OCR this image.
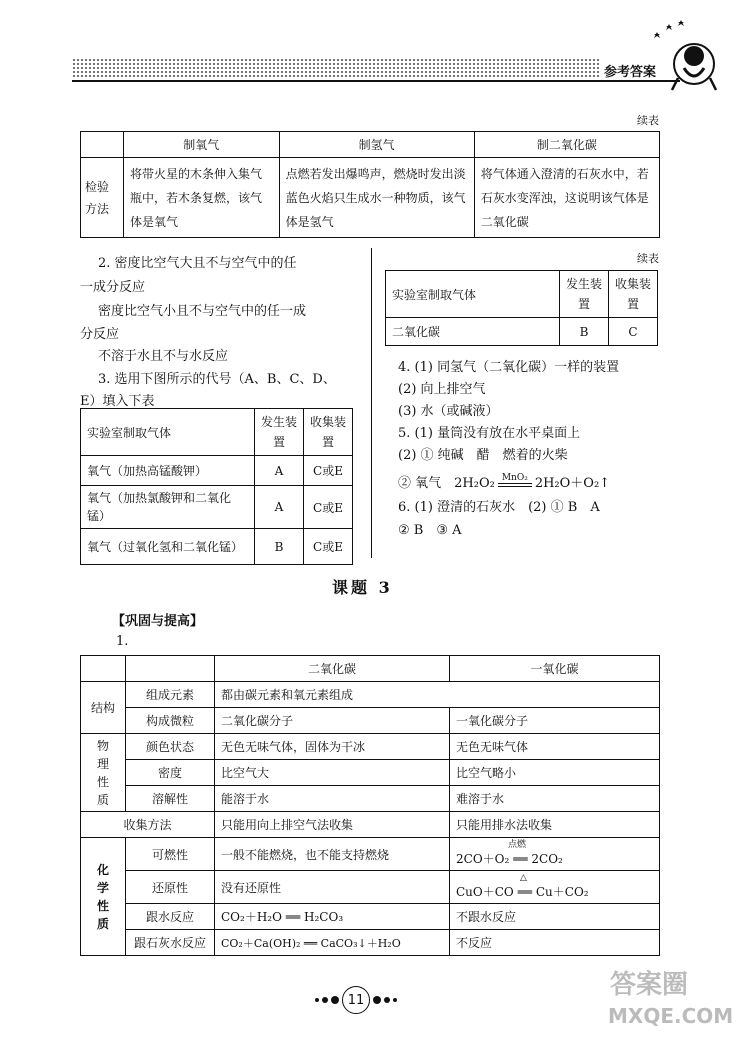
参考答案
续表
	制氧气	制氢气	制二氧化碳

检验方法	将带火星的木条伸入集气瓶中，若木条复燃，该气体是氧气	点燃若发出爆鸣声，燃烧时发出淡蓝色火焰只生成水一种物质，该气体是氢气	将气体通入澄清的石灰水中，若石灰水变浑浊，这说明该气体是二氧化碳
2. 密度比空气大且不与空气中的任
一成分反应
密度比空气小且不与空气中的任一成
分反应
不溶于水且不与水反应
3. 选用下图所示的代号（A、B、C、D、
E）填入下表
实验室制取气体	发生装置	收集装置
氧气（加热高锰酸钾）	A	C或E
氧气（加热氯酸钾和二氧化锰）	A	C或E
氧气（过氧化氢和二氧化锰）	B	C或E
续表
实验室制取气体	发生装置	收集装置
二氧化碳	B	C
4. (1) 同氢气（二氧化碳）一样的装置
(2) 向上排空气
(3) 水（或碱液）
5. (1) 量筒没有放在水平桌面上
(2) ① 纯碱　醋　燃着的火柴
② 氧气　2H₂O₂ MnO₂ 2H₂O＋O₂↑
6. (1) 澄清的石灰水　(2) ① B　A
② B　③ A
课题 3
【巩固与提高】
1.
		二氧化碳	一氧化碳
结构	组成元素	都由碳元素和氧元素组成	
	构成微粒	二氧化碳分子	一氧化碳分子

物理性质	颜色状态	无色无味气体，固体为干冰	无色无味气体
	密度	比空气大	比空气略小
	溶解性	能溶于水	难溶于水
收集方法		只能用向上排空气法收集	只能用排水法收集

化学性质	可燃性	一般不能燃烧，也不能支持燃烧	点燃
2CO＋O₂ ══ 2CO₂
	还原性	没有还原性	△
CuO＋CO ══ Cu＋CO₂
	跟水反应	CO₂＋H₂O ══ H₂CO₃	不跟水反应
	跟石灰水反应	CO₂＋Ca(OH)₂ ══ CaCO₃↓＋H₂O	不反应
11	答案圈
MXQE.COM
